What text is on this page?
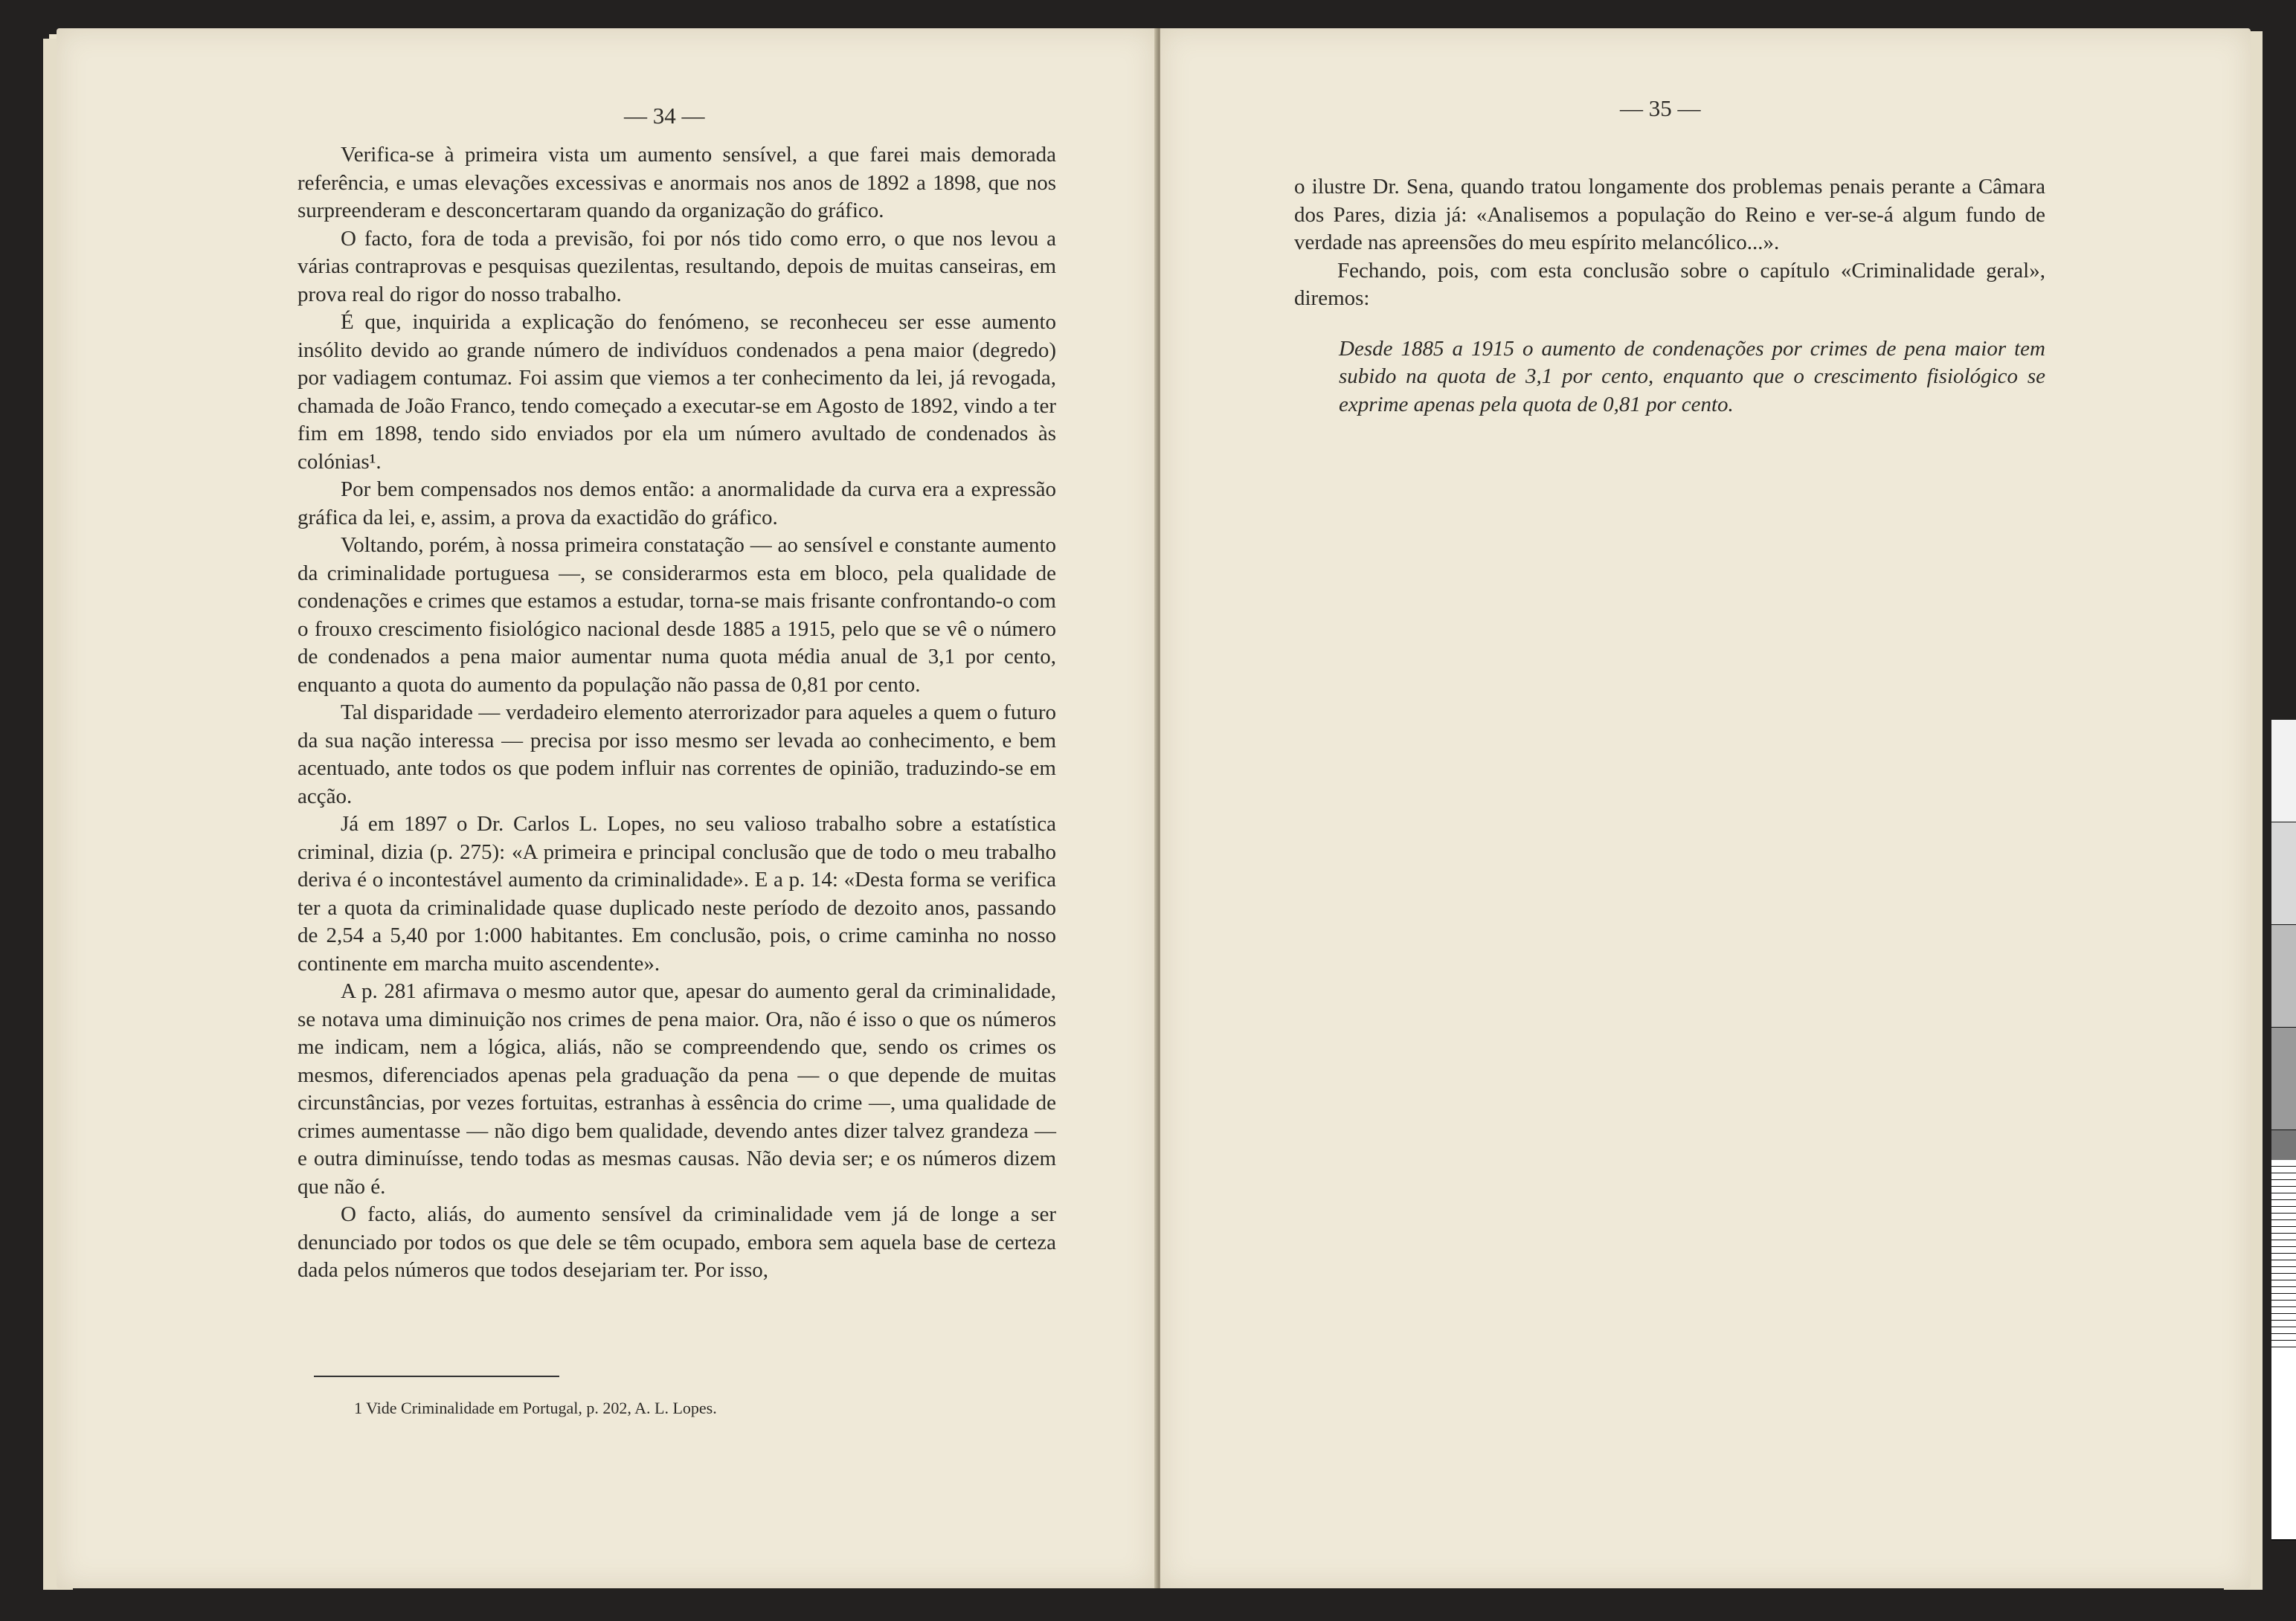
— 34 —

Verifica-se à primeira vista um aumento sensível, a que farei mais demorada referência, e umas elevações excessivas e anormais nos anos de 1892 a 1898, que nos surpreenderam e desconcertaram quando da organização do gráfico.

O facto, fora de toda a previsão, foi por nós tido como erro, o que nos levou a várias contraprovas e pesquisas quezilentas, resultando, depois de muitas canseiras, em prova real do rigor do nosso trabalho.

É que, inquirida a explicação do fenómeno, se reconheceu ser esse aumento insólito devido ao grande número de indivíduos condenados a pena maior (degredo) por vadiagem contumaz. Foi assim que viemos a ter conhecimento da lei, já revogada, chamada de João Franco, tendo começado a executar-se em Agosto de 1892, vindo a ter fim em 1898, tendo sido enviados por ela um número avultado de condenados às colónias¹.

Por bem compensados nos demos então: a anormalidade da curva era a expressão gráfica da lei, e, assim, a prova da exactidão do gráfico.

Voltando, porém, à nossa primeira constatação — ao sensível e constante aumento da criminalidade portuguesa —, se considerarmos esta em bloco, pela qualidade de condenações e crimes que estamos a estudar, torna-se mais frisante confrontando-o com o frouxo crescimento fisiológico nacional desde 1885 a 1915, pelo que se vê o número de condenados a pena maior aumentar numa quota média anual de 3,1 por cento, enquanto a quota do aumento da população não passa de 0,81 por cento.

Tal disparidade — verdadeiro elemento aterrorizador para aqueles a quem o futuro da sua nação interessa — precisa por isso mesmo ser levada ao conhecimento, e bem acentuado, ante todos os que podem influir nas correntes de opinião, traduzindo-se em acção.

Já em 1897 o Dr. Carlos L. Lopes, no seu valioso trabalho sobre a estatística criminal, dizia (p. 275): «A primeira e principal conclusão que de todo o meu trabalho deriva é o incontestável aumento da criminalidade». E a p. 14: «Desta forma se verifica ter a quota da criminalidade quase duplicado neste período de dezoito anos, passando de 2,54 a 5,40 por 1:000 habitantes. Em conclusão, pois, o crime caminha no nosso continente em marcha muito ascendente».

A p. 281 afirmava o mesmo autor que, apesar do aumento geral da criminalidade, se notava uma diminuição nos crimes de pena maior. Ora, não é isso o que os números me indicam, nem a lógica, aliás, não se compreendendo que, sendo os crimes os mesmos, diferenciados apenas pela graduação da pena — o que depende de muitas circunstâncias, por vezes fortuitas, estranhas à essência do crime —, uma qualidade de crimes aumentasse — não digo bem qualidade, devendo antes dizer talvez grandeza — e outra diminuísse, tendo todas as mesmas causas. Não devia ser; e os números dizem que não é.

O facto, aliás, do aumento sensível da criminalidade vem já de longe a ser denunciado por todos os que dele se têm ocupado, embora sem aquela base de certeza dada pelos números que todos desejariam ter. Por isso,

1 Vide Criminalidade em Portugal, p. 202, A. L. Lopes.
— 35 —

o ilustre Dr. Sena, quando tratou longamente dos problemas penais perante a Câmara dos Pares, dizia já: «Analisemos a população do Reino e ver-se-á algum fundo de verdade nas apreensões do meu espírito melancólico...».

Fechando, pois, com esta conclusão sobre o capítulo «Criminalidade geral», diremos:

Desde 1885 a 1915 o aumento de condenações por crimes de pena maior tem subido na quota de 3,1 por cento, enquanto que o crescimento fisiológico se exprime apenas pela quota de 0,81 por cento.
